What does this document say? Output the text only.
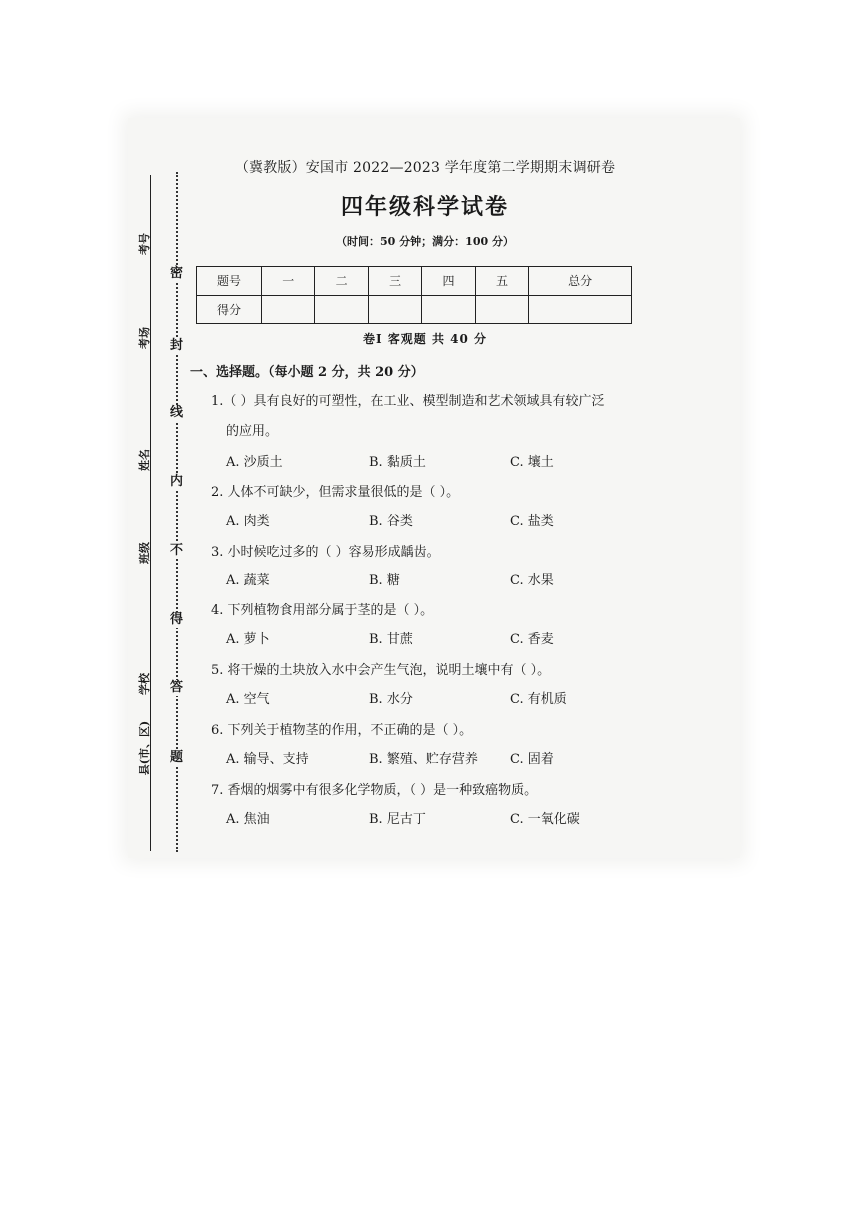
考号
考场
姓名
班级
学校
县(市、区)
密
封
线
内
不
得
答
题
（冀教版）安国市 2022—2023 学年度第二学期期末调研卷
四年级科学试卷
（时间：50 分钟；满分：100 分）
题号	一	二	三	四	五	总分
得分						
卷Ⅰ 客观题 共 40 分
一、选择题。（每小题 2 分，共 20 分）
1.（ ）具有良好的可塑性，在工业、模型制造和艺术领域具有较广泛
的应用。
A. 沙质土	B. 黏质土	C. 壤土
2. 人体不可缺少，但需求量很低的是（ ）。
A. 肉类	B. 谷类	C. 盐类
3. 小时候吃过多的（ ）容易形成龋齿。
A. 蔬菜	B. 糖	C. 水果
4. 下列植物食用部分属于茎的是（ ）。
A. 萝卜	B. 甘蔗	C. 香麦
5. 将干燥的土块放入水中会产生气泡，说明土壤中有（ ）。
A. 空气	B. 水分	C. 有机质
6. 下列关于植物茎的作用，不正确的是（ ）。
A. 输导、支持	B. 繁殖、贮存营养 C. 固着
7. 香烟的烟雾中有很多化学物质，（ ）是一种致癌物质。
A. 焦油	B. 尼古丁	C. 一氧化碳
